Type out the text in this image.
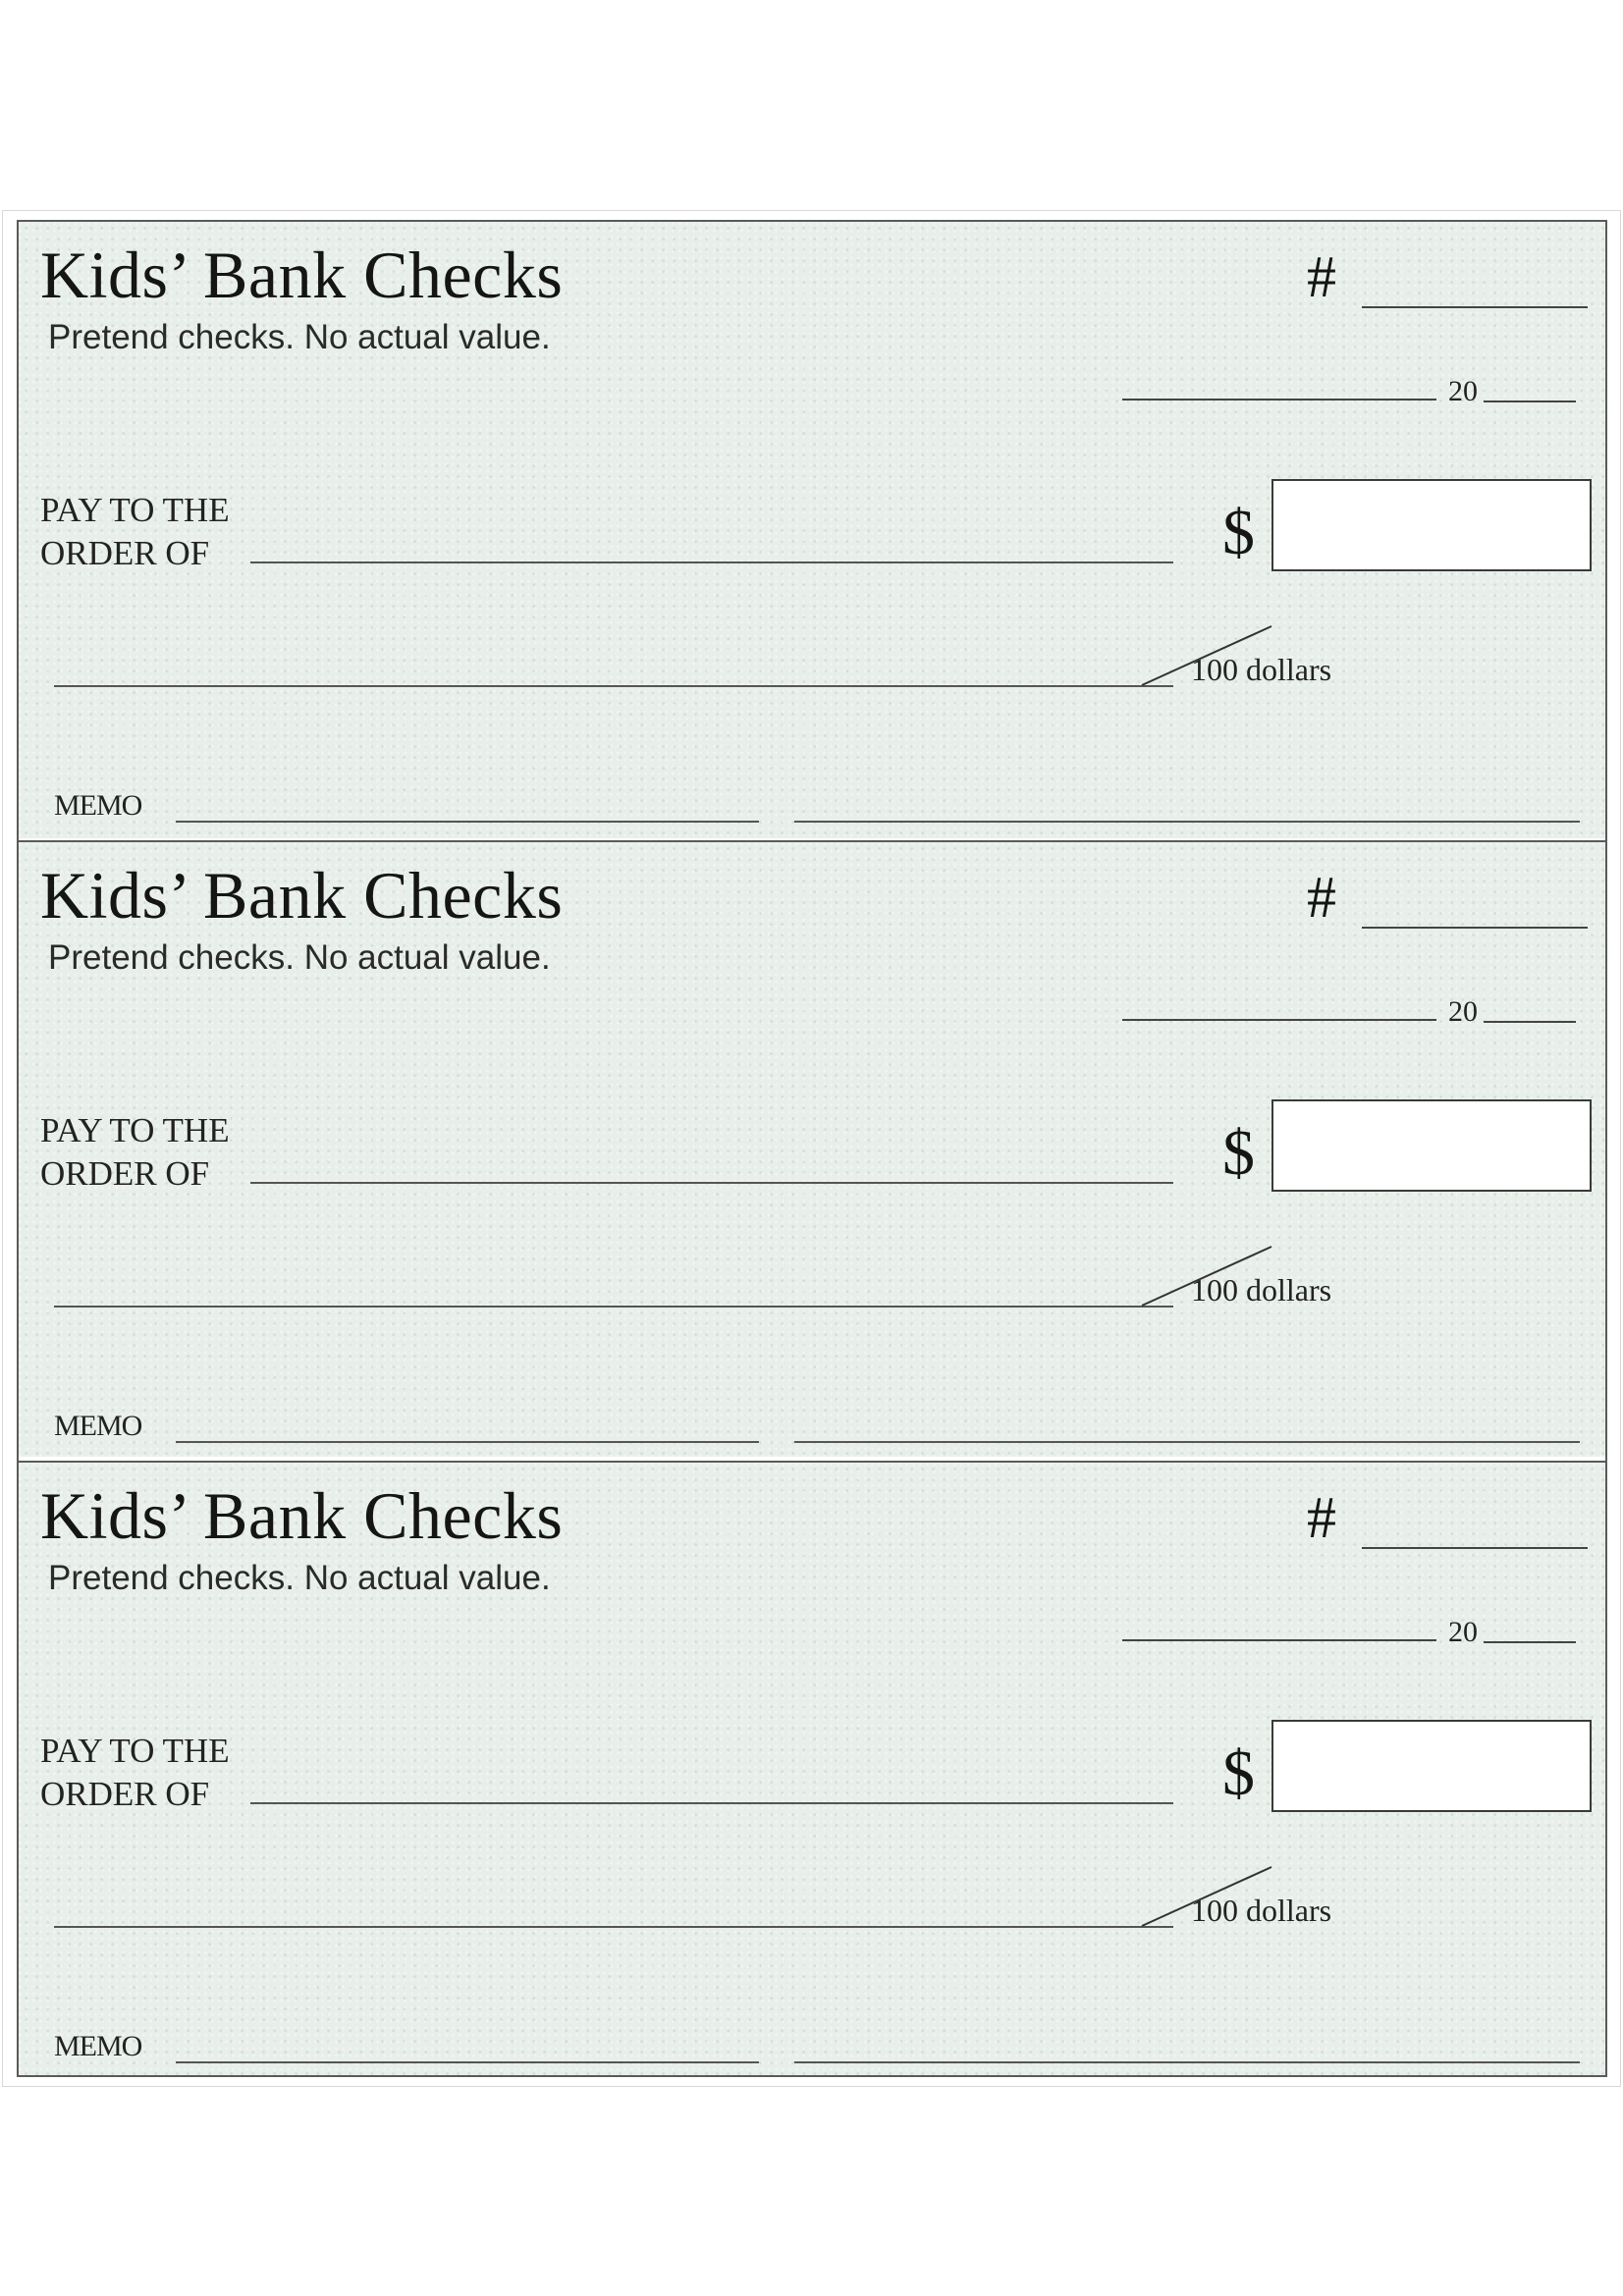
Kids’ Bank Checks
Pretend checks. No actual value.
#
20
PAY TO THE
ORDER OF	$
100 dollars
MEMO
Kids’ Bank Checks
Pretend checks. No actual value.
#
20
PAY TO THE
ORDER OF	$
100 dollars
MEMO
Kids’ Bank Checks
Pretend checks. No actual value.
#
20
PAY TO THE
ORDER OF	$
100 dollars
MEMO
